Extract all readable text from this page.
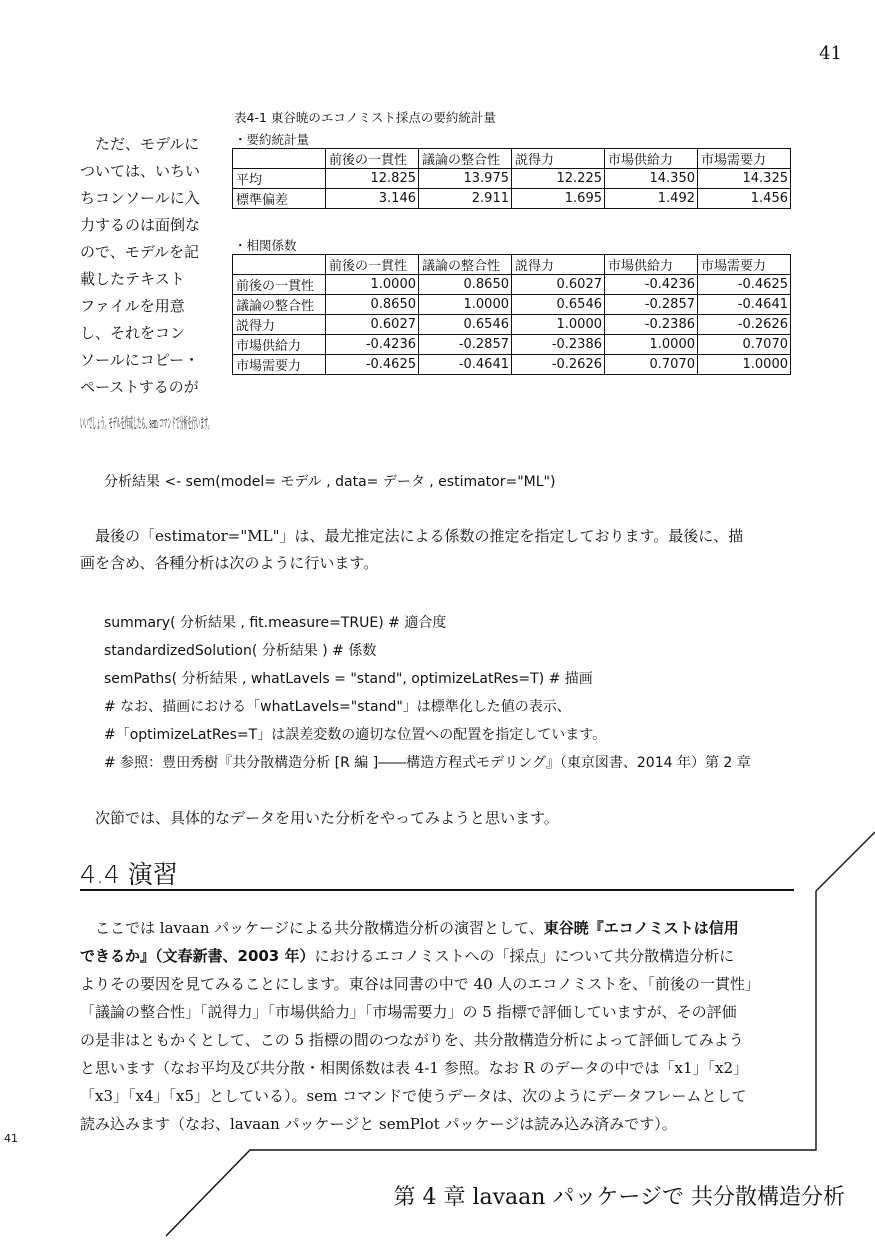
41
41
表4-1 東谷暁のエコノミスト採点の要約統計量
・要約統計量
	前後の一貫性	議論の整合性	説得力	市場供給力	市場需要力
平均	12.825	13.975	12.225	14.350	14.325
標準偏差	3.146	2.911	1.695	1.492	1.456
・相関係数
	前後の一貫性	議論の整合性	説得力	市場供給力	市場需要力
前後の一貫性	1.0000	0.8650	0.6027	-0.4236	-0.4625
議論の整合性	0.8650	1.0000	0.6546	-0.2857	-0.4641
説得力	0.6027	0.6546	1.0000	-0.2386	-0.2626
市場供給力	-0.4236	-0.2857	-0.2386	1.0000	0.7070
市場需要力	-0.4625	-0.4641	-0.2626	0.7070	1.0000
　ただ、モデルに
ついては、いちい
ちコンソールに入
力するのは面倒な
ので、モデルを記
載したテキスト
ファイルを用意
し、それをコン
ソールにコピー・
ペーストするのが
いいでしょう。モデルを作成したら、sem コマンドで分析を行います。
分析結果 <- sem(model= モデル , data= データ , estimator="ML")
　最後の「estimator="ML"」は、最尤推定法による係数の推定を指定しております。最後に、描
画を含め、各種分析は次のように行います。
summary( 分析結果 , fit.measure=TRUE) # 適合度
standardizedSolution( 分析結果 ) # 係数
semPaths( 分析結果 , whatLavels = "stand", optimizeLatRes=T) # 描画
# なお、描画における「whatLavels="stand"」は標準化した値の表示、
#「optimizeLatRes=T」は誤差変数の適切な位置への配置を指定しています。
# 参照：豊田秀樹『共分散構造分析 [R 編 ]――構造方程式モデリング』（東京図書、2014 年）第 2 章
　次節では、具体的なデータを用いた分析をやってみようと思います。
4.4 演習
　ここでは lavaan パッケージによる共分散構造分析の演習として、東谷暁『エコノミストは信用
できるか』（文春新書、2003 年）におけるエコノミストへの「採点」について共分散構造分析に
よりその要因を見てみることにします。東谷は同書の中で 40 人のエコノミストを、「前後の一貫性」
「議論の整合性」「説得力」「市場供給力」「市場需要力」の 5 指標で評価していますが、その評価
の是非はともかくとして、この 5 指標の間のつながりを、共分散構造分析によって評価してみよう
と思います（なお平均及び共分散・相関係数は表 4-1 参照。なお R のデータの中では「x1」「x2」
「x3」「x4」「x5」としている）。sem コマンドで使うデータは、次のようにデータフレームとして
読み込みます（なお、lavaan パッケージと semPlot パッケージは読み込み済みです）。
第 4 章 lavaan パッケージで 共分散構造分析
